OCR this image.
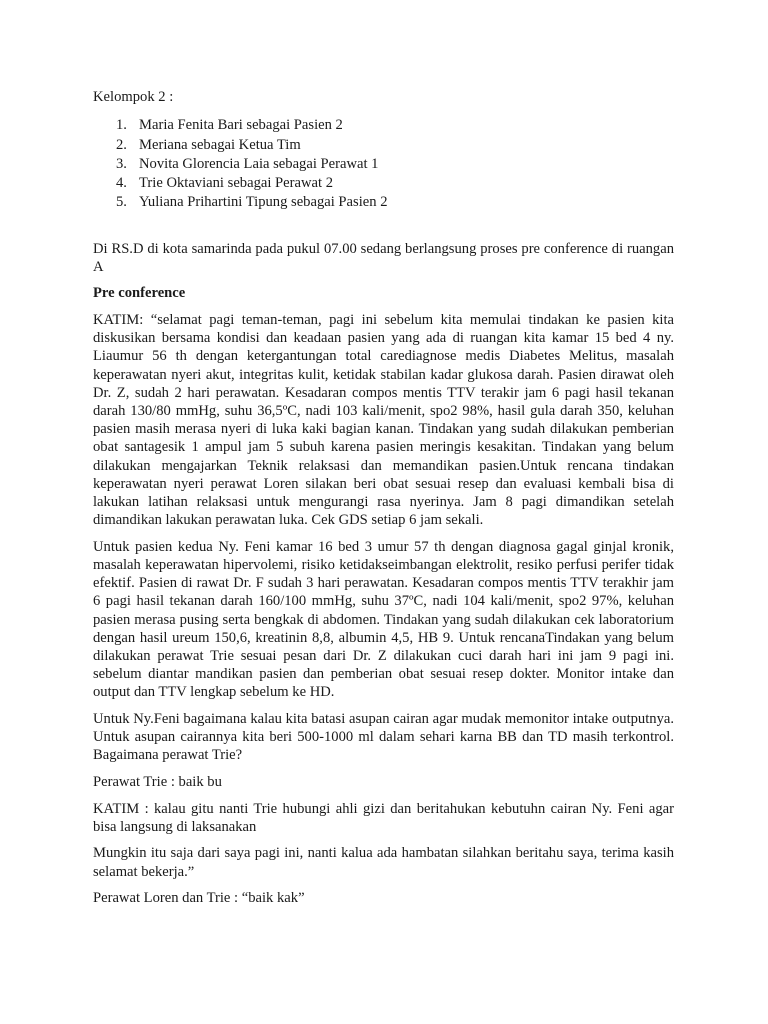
Kelompok 2 :
1. Maria Fenita Bari sebagai Pasien 2
2. Meriana sebagai Ketua Tim
3. Novita Glorencia Laia sebagai Perawat 1
4. Trie Oktaviani sebagai Perawat 2
5. Yuliana Prihartini Tipung sebagai Pasien 2

Di RS.D di kota samarinda pada pukul 07.00 sedang berlangsung proses pre conference di ruangan A

Pre conference

KATIM: “selamat pagi teman-teman, pagi ini sebelum kita memulai tindakan ke pasien kita diskusikan bersama kondisi dan keadaan pasien yang ada di ruangan kita kamar 15 bed 4 ny. Liaumur 56 th dengan ketergantungan total carediagnose medis Diabetes Melitus, masalah keperawatan nyeri akut, integritas kulit, ketidak stabilan kadar glukosa darah. Pasien dirawat oleh Dr. Z, sudah 2 hari perawatan. Kesadaran compos mentis TTV terakir jam 6 pagi hasil tekanan darah 130/80 mmHg, suhu 36,5ºC, nadi 103 kali/menit, spo2 98%, hasil gula darah 350, keluhan pasien masih merasa nyeri di luka kaki bagian kanan. Tindakan yang sudah dilakukan pemberian obat santagesik 1 ampul jam 5 subuh karena pasien meringis kesakitan. Tindakan yang belum dilakukan mengajarkan Teknik relaksasi dan memandikan pasien.Untuk rencana tindakan keperawatan nyeri perawat Loren silakan beri obat sesuai resep dan evaluasi kembali bisa di lakukan latihan relaksasi untuk mengurangi rasa nyerinya. Jam 8 pagi dimandikan setelah dimandikan lakukan perawatan luka. Cek GDS setiap 6 jam sekali.

Untuk pasien kedua Ny. Feni kamar 16 bed 3 umur 57 th dengan diagnosa gagal ginjal kronik, masalah keperawatan hipervolemi, risiko ketidakseimbangan elektrolit, resiko perfusi perifer tidak efektif. Pasien di rawat Dr. F sudah 3 hari perawatan. Kesadaran compos mentis TTV terakhir jam 6 pagi hasil tekanan darah 160/100 mmHg, suhu 37ºC, nadi 104 kali/menit, spo2 97%, keluhan pasien merasa pusing serta bengkak di abdomen. Tindakan yang sudah dilakukan cek laboratorium dengan hasil ureum 150,6, kreatinin 8,8, albumin 4,5, HB 9. Untuk rencanaTindakan yang belum dilakukan perawat Trie sesuai pesan dari Dr. Z dilakukan cuci darah hari ini jam 9 pagi ini. sebelum diantar mandikan pasien dan pemberian obat sesuai resep dokter. Monitor intake dan output dan TTV lengkap sebelum ke HD.

Untuk Ny.Feni bagaimana kalau kita batasi asupan cairan agar mudak memonitor intake outputnya. Untuk asupan cairannya kita beri 500-1000 ml dalam sehari karna BB dan TD masih terkontrol. Bagaimana perawat Trie?

Perawat Trie : baik bu

KATIM : kalau gitu nanti Trie hubungi ahli gizi dan beritahukan kebutuhn cairan Ny. Feni agar bisa langsung di laksanakan

Mungkin itu saja dari saya pagi ini, nanti kalua ada hambatan silahkan beritahu saya, terima kasih selamat bekerja.”

Perawat Loren dan Trie : “baik kak”
